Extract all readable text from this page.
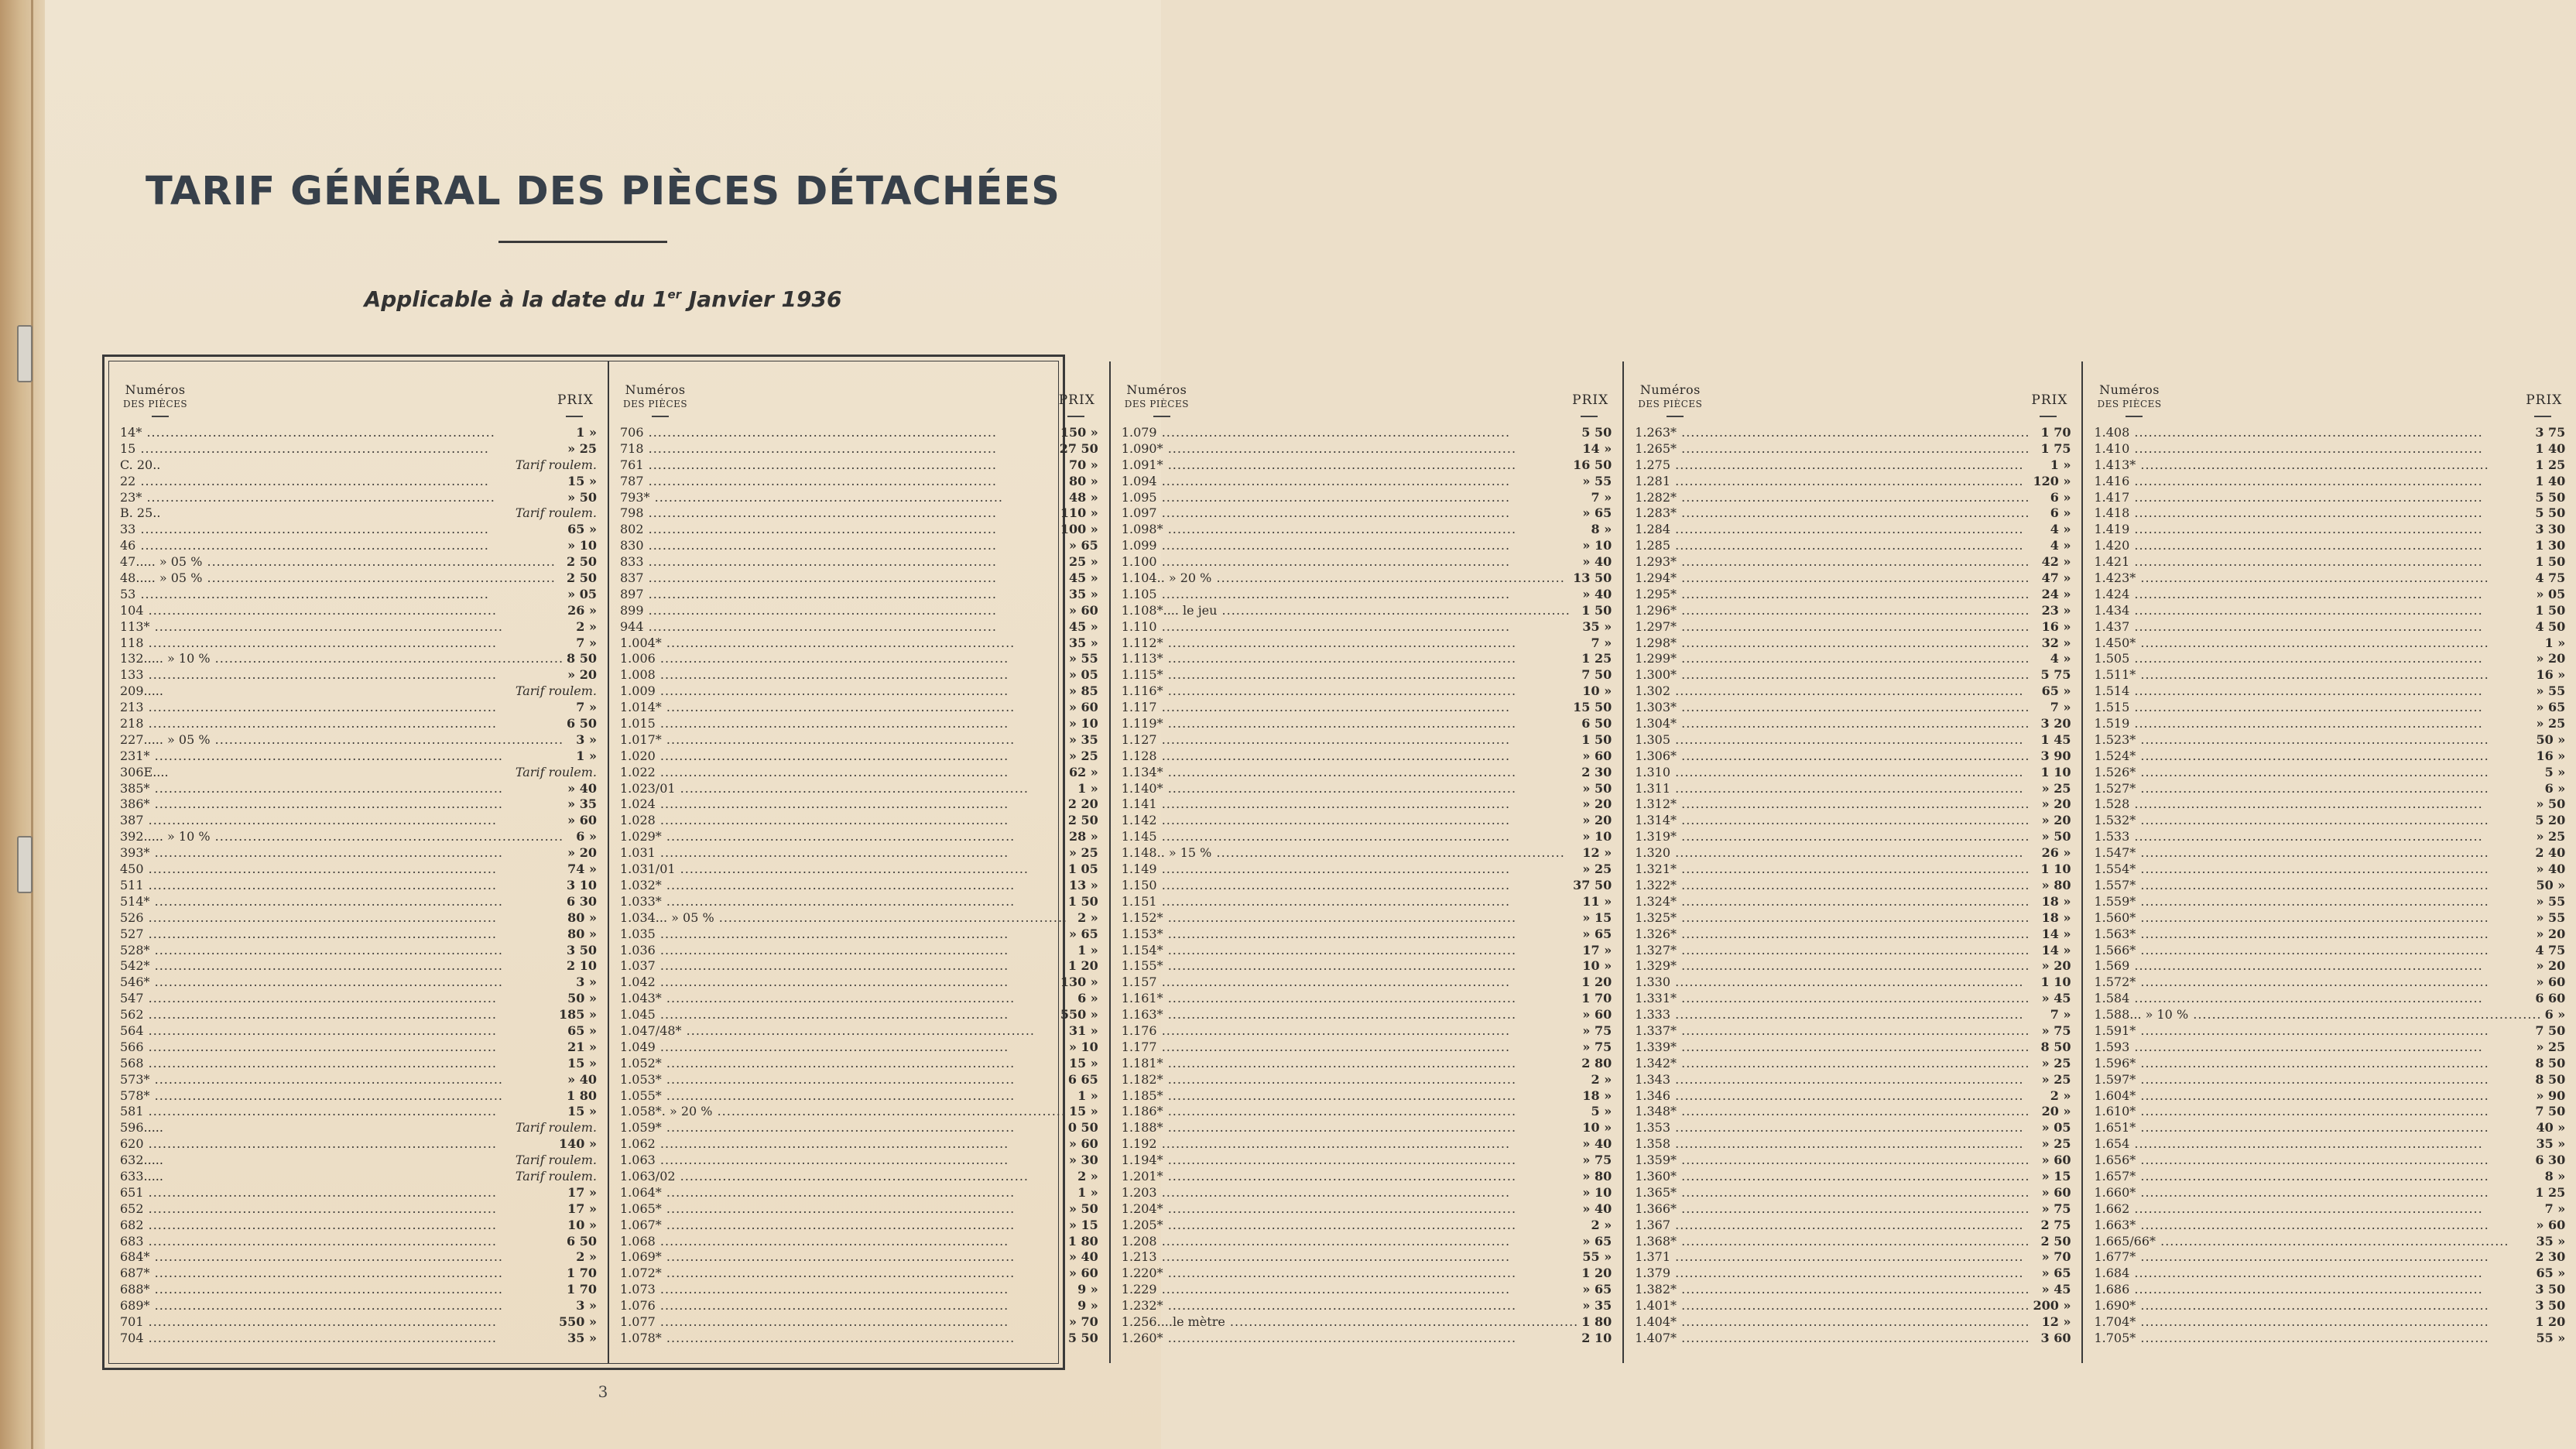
TARIF GÉNÉRAL DES PIÈCES DÉTACHÉES
Applicable à la date du 1er Janvier 1936
Numéros
DES PIÈCES	PRIX
14* .....	1 »
15 .....	» 25
C. 20..	Tarif roulem.
22 .....	15 »
23* .....	» 50
B. 25..	Tarif roulem.
33 .....	65 »
46 .....	» 10
47..... » 05 % .....	2 50
48..... » 05 % .....	2 50
53 .....	» 05
104 .....	26 »
113* .....	2 »
118 .....	7 »
132..... » 10 % .....	8 50
133 .....	» 20
209.....	Tarif roulem.
213 .....	7 »
218 .....	6 50
227..... » 05 % .....	3 »
231* .....	1 »
306E....	Tarif roulem.
385* .....	» 40
386* .....	» 35
387 .....	» 60
392..... » 10 % .....	6 »
393* .....	» 20
450 .....	74 »
511 .....	3 10
514* .....	6 30
526 .....	80 »
527 .....	80 »
528* .....	3 50
542* .....	2 10
546* .....	3 »
547 .....	50 »
562 .....	185 »
564 .....	65 »
566 .....	21 »
568 .....	15 »
573* .....	» 40
578* .....	1 80
581 .....	15 »
596.....	Tarif roulem.
620 .....	140 »
632.....	Tarif roulem.
633.....	Tarif roulem.
651 .....	17 »
652 .....	17 »
682 .....	10 »
683 .....	6 50
684* .....	2 »
687* .....	1 70
688* .....	1 70
689* .....	3 »
701 .....	550 »
704 .....	35 »
Numéros
DES PIÈCES	PRIX
706 .....	150 »
718 .....	27 50
761 .....	70 »
787 .....	80 »
793* .....	48 »
798 .....	110 »
802 .....	100 »
830 .....	» 65
833 .....	25 »
837 .....	45 »
897 .....	35 »
899 .....	» 60
944 .....	45 »
1.004* .....	35 »
1.006 .....	» 55
1.008 .....	» 05
1.009 .....	» 85
1.014* .....	» 60
1.015 .....	» 10
1.017* .....	» 35
1.020 .....	» 25
1.022 .....	62 »
1.023/01 .....	1 »
1.024 .....	2 20
1.028 .....	2 50
1.029* .....	28 »
1.031 .....	» 25
1.031/01 .....	1 05
1.032* .....	13 »
1.033* .....	1 50
1.034... » 05 % .....	2 »
1.035 .....	» 65
1.036 .....	1 »
1.037 .....	1 20
1.042 .....	130 »
1.043* .....	6 »
1.045 .....	550 »
1.047/48* .....	31 »
1.049 .....	» 10
1.052* .....	15 »
1.053* .....	6 65
1.055* .....	1 »
1.058*. » 20 % .....	15 »
1.059* .....	0 50
1.062 .....	» 60
1.063 .....	» 30
1.063/02 .....	2 »
1.064* .....	1 »
1.065* .....	» 50
1.067* .....	» 15
1.068 .....	1 80
1.069* .....	» 40
1.072* .....	» 60
1.073 .....	9 »
1.076 .....	9 »
1.077 .....	» 70
1.078* .....	5 50
Numéros
DES PIÈCES	PRIX
1.079 .....	5 50
1.090* .....	14 »
1.091* .....	16 50
1.094 .....	» 55
1.095 .....	7 »
1.097 .....	» 65
1.098* .....	8 »
1.099 .....	» 10
1.100 .....	» 40
1.104.. » 20 % .....	13 50
1.105 .....	» 40
1.108*.... le jeu .....	1 50
1.110 .....	35 »
1.112* .....	7 »
1.113* .....	1 25
1.115* .....	7 50
1.116* .....	10 »
1.117 .....	15 50
1.119* .....	6 50
1.127 .....	1 50
1.128 .....	» 60
1.134* .....	2 30
1.140* .....	» 50
1.141 .....	» 20
1.142 .....	» 20
1.145 .....	» 10
1.148.. » 15 % .....	12 »
1.149 .....	» 25
1.150 .....	37 50
1.151 .....	11 »
1.152* .....	» 15
1.153* .....	» 65
1.154* .....	17 »
1.155* .....	10 »
1.157 .....	1 20
1.161* .....	1 70
1.163* .....	» 60
1.176 .....	» 75
1.177 .....	» 75
1.181* .....	2 80
1.182* .....	2 »
1.185* .....	18 »
1.186* .....	5 »
1.188* .....	10 »
1.192 .....	» 40
1.194* .....	» 75
1.201* .....	» 80
1.203 .....	» 10
1.204* .....	» 40
1.205* .....	2 »
1.208 .....	» 65
1.213 .....	55 »
1.220* .....	1 20
1.229 .....	» 65
1.232* .....	» 35
1.256....le mètre .....	1 80
1.260* .....	2 10
Numéros
DES PIÈCES	PRIX
1.263* .....	1 70
1.265* .....	1 75
1.275 .....	1 »
1.281 .....	120 »
1.282* .....	6 »
1.283* .....	6 »
1.284 .....	4 »
1.285 .....	4 »
1.293* .....	42 »
1.294* .....	47 »
1.295* .....	24 »
1.296* .....	23 »
1.297* .....	16 »
1.298* .....	32 »
1.299* .....	4 »
1.300* .....	5 75
1.302 .....	65 »
1.303* .....	7 »
1.304* .....	3 20
1.305 .....	1 45
1.306* .....	3 90
1.310 .....	1 10
1.311 .....	» 25
1.312* .....	» 20
1.314* .....	» 20
1.319* .....	» 50
1.320 .....	26 »
1.321* .....	1 10
1.322* .....	» 80
1.324* .....	18 »
1.325* .....	18 »
1.326* .....	14 »
1.327* .....	14 »
1.329* .....	» 20
1.330 .....	1 10
1.331* .....	» 45
1.333 .....	7 »
1.337* .....	» 75
1.339* .....	8 50
1.342* .....	» 25
1.343 .....	» 25
1.346 .....	2 »
1.348* .....	20 »
1.353 .....	» 05
1.358 .....	» 25
1.359* .....	» 60
1.360* .....	» 15
1.365* .....	» 60
1.366* .....	» 75
1.367 .....	2 75
1.368* .....	2 50
1.371 .....	» 70
1.379 .....	» 65
1.382* .....	» 45
1.401* .....	200 »
1.404* .....	12 »
1.407* .....	3 60
Numéros
DES PIÈCES	PRIX
1.408 .....	3 75
1.410 .....	1 40
1.413* .....	1 25
1.416 .....	1 40
1.417 .....	5 50
1.418 .....	5 50
1.419 .....	3 30
1.420 .....	1 30
1.421 .....	1 50
1.423* .....	4 75
1.424 .....	» 05
1.434 .....	1 50
1.437 .....	4 50
1.450* .....	1 »
1.505 .....	» 20
1.511* .....	16 »
1.514 .....	» 55
1.515 .....	» 65
1.519 .....	» 25
1.523* .....	50 »
1.524* .....	16 »
1.526* .....	5 »
1.527* .....	6 »
1.528 .....	» 50
1.532* .....	5 20
1.533 .....	» 25
1.547* .....	2 40
1.554* .....	» 40
1.557* .....	50 »
1.559* .....	» 55
1.560* .....	» 55
1.563* .....	» 20
1.566* .....	4 75
1.569 .....	» 20
1.572* .....	» 60
1.584 .....	6 60
1.588... » 10 % .....	6 »
1.591* .....	7 50
1.593 .....	» 25
1.596* .....	8 50
1.597* .....	8 50
1.604* .....	» 90
1.610* .....	7 50
1.651* .....	40 »
1.654 .....	35 »
1.656* .....	6 30
1.657* .....	8 »
1.660* .....	1 25
1.662 .....	7 »
1.663* .....	» 60
1.665/66* .....	35 »
1.677* .....	2 30
1.684 .....	65 »
1.686 .....	3 50
1.690* .....	3 50
1.704* .....	1 20
1.705* .....	55 »
3
